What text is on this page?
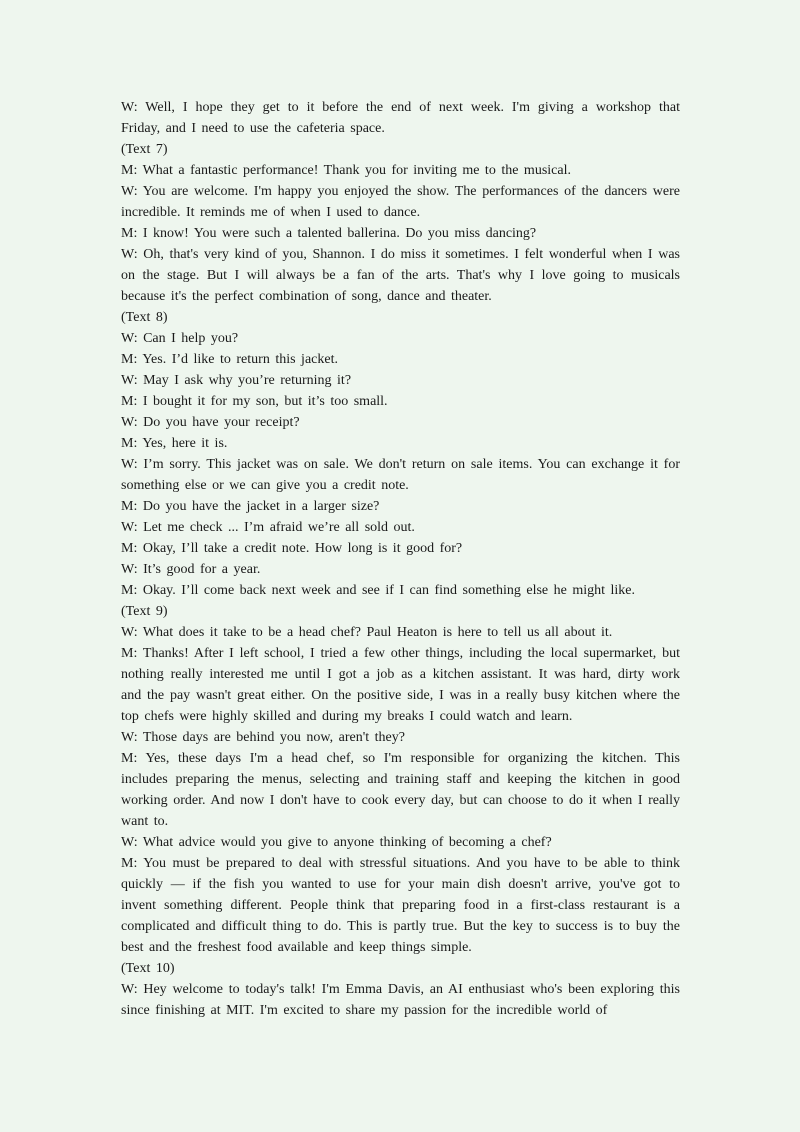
W: Well, I hope they get to it before the end of next week. I'm giving a workshop that Friday, and I need to use the cafeteria space.

(Text 7)

M: What a fantastic performance! Thank you for inviting me to the musical.

W: You are welcome. I'm happy you enjoyed the show. The performances of the dancers were incredible. It reminds me of when I used to dance.

M: I know! You were such a talented ballerina. Do you miss dancing?

W: Oh, that's very kind of you, Shannon. I do miss it sometimes. I felt wonderful when I was on the stage. But I will always be a fan of the arts. That's why I love going to musicals because it's the perfect combination of song, dance and theater.

(Text 8)

W: Can I help you?

M: Yes. I’d like to return this jacket.

W: May I ask why you’re returning it?

M: I bought it for my son, but it’s too small.

W: Do you have your receipt?

M: Yes, here it is.

W: I’m sorry. This jacket was on sale. We don't return on sale items. You can exchange it for something else or we can give you a credit note.

M: Do you have the jacket in a larger size?

W: Let me check ... I’m afraid we’re all sold out.

M: Okay, I’ll take a credit note. How long is it good for?

W: It’s good for a year.

M: Okay. I’ll come back next week and see if I can find something else he might like.

(Text 9)

W: What does it take to be a head chef? Paul Heaton is here to tell us all about it.

M: Thanks! After I left school, I tried a few other things, including the local supermarket, but nothing really interested me until I got a job as a kitchen assistant. It was hard, dirty work and the pay wasn't great either. On the positive side, I was in a really busy kitchen where the top chefs were highly skilled and during my breaks I could watch and learn.

W: Those days are behind you now, aren't they?

M: Yes, these days I'm a head chef, so I'm responsible for organizing the kitchen. This includes preparing the menus, selecting and training staff and keeping the kitchen in good working order. And now I don't have to cook every day, but can choose to do it when I really want to.

W: What advice would you give to anyone thinking of becoming a chef?

M: You must be prepared to deal with stressful situations. And you have to be able to think quickly — if the fish you wanted to use for your main dish doesn't arrive, you've got to invent something different. People think that preparing food in a first-class restaurant is a complicated and difficult thing to do. This is partly true. But the key to success is to buy the best and the freshest food available and keep things simple.

(Text 10)

W: Hey welcome to today's talk! I'm Emma Davis, an AI enthusiast who's been exploring this since finishing at MIT. I'm excited to share my passion for the incredible world of
